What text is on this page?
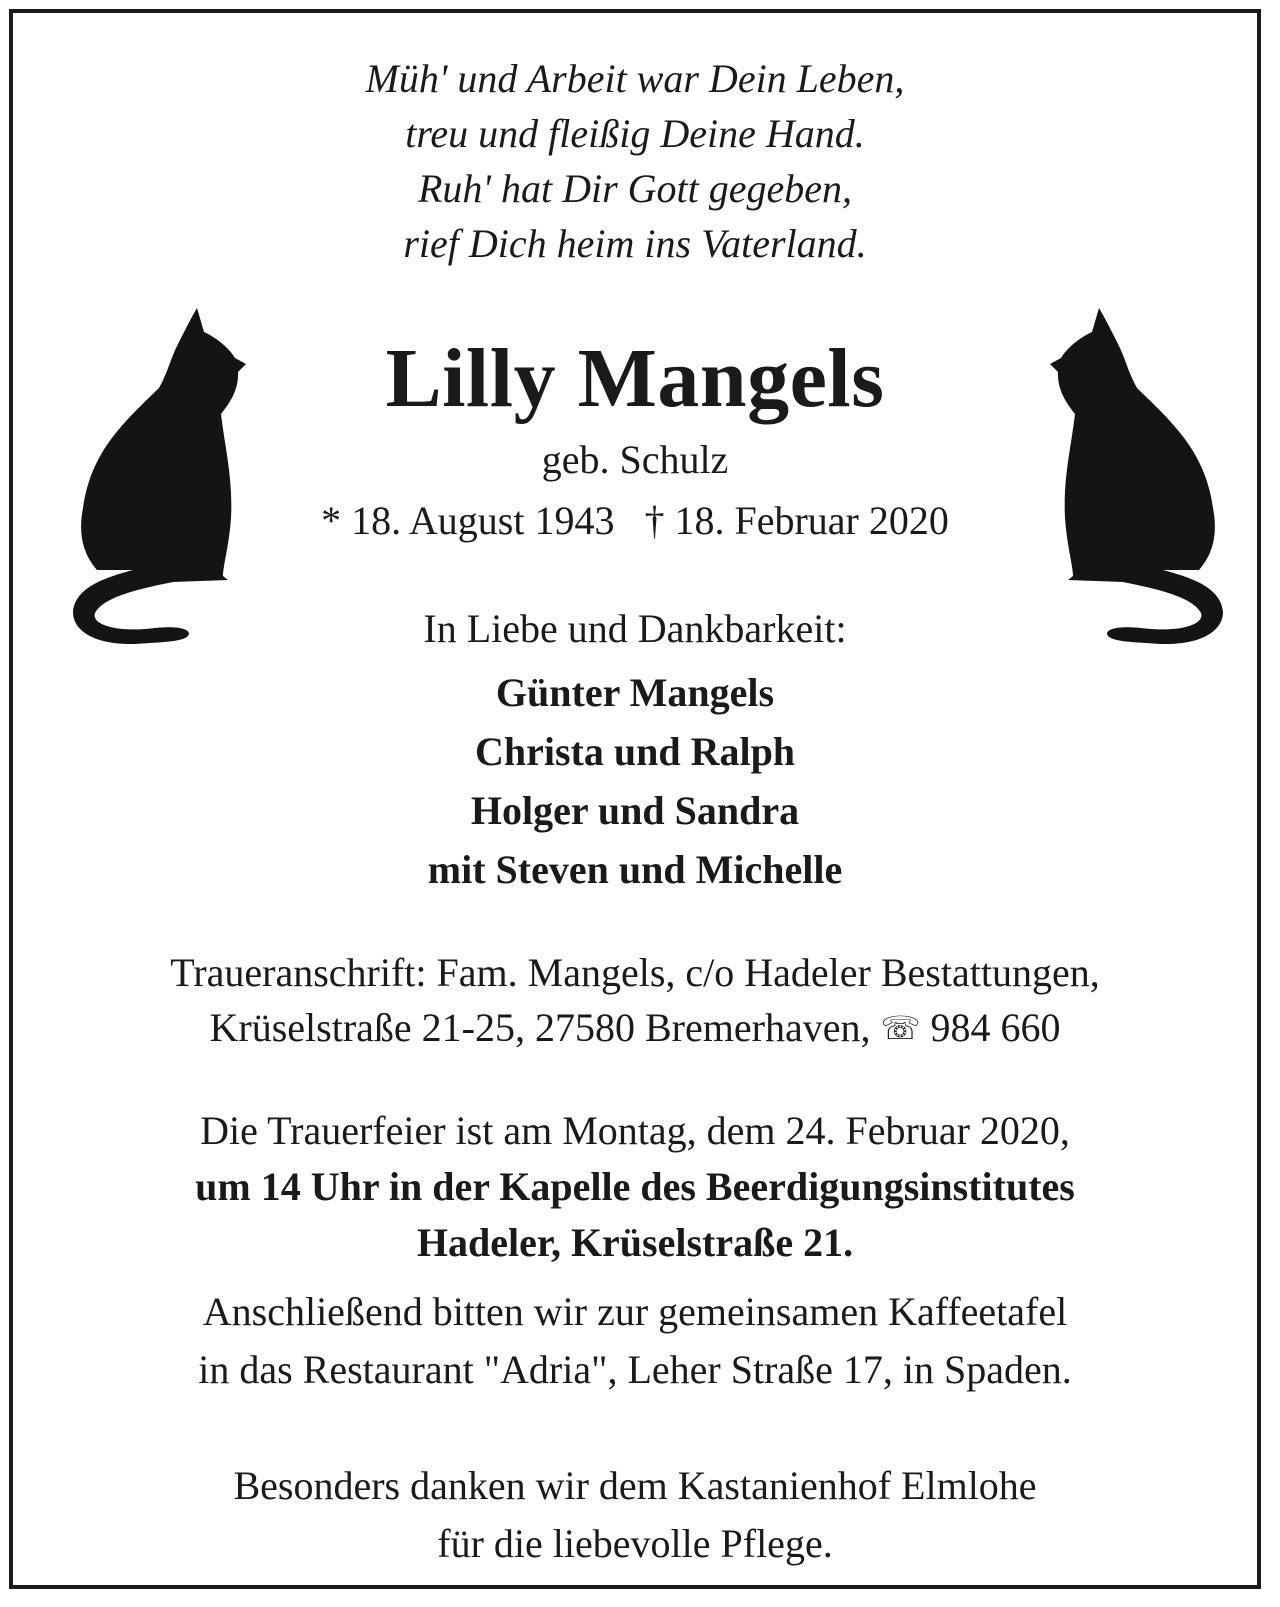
Müh' und Arbeit war Dein Leben,
treu und fleißig Deine Hand.
Ruh' hat Dir Gott gegeben,
rief Dich heim ins Vaterland.
Lilly Mangels
geb. Schulz
* 18. August 1943 † 18. Februar 2020
In Liebe und Dankbarkeit:
Günter Mangels
Christa und Ralph
Holger und Sandra
mit Steven und Michelle
Traueranschrift: Fam. Mangels, c/o Hadeler Bestattungen,
Krüselstraße 21-25, 27580 Bremerhaven, ☏ 984 660
Die Trauerfeier ist am Montag, dem 24. Februar 2020,
um 14 Uhr in der Kapelle des Beerdigungsinstitutes
Hadeler, Krüselstraße 21.
Anschließend bitten wir zur gemeinsamen Kaffeetafel
in das Restaurant "Adria", Leher Straße 17, in Spaden.
Besonders danken wir dem Kastanienhof Elmlohe
für die liebevolle Pflege.
